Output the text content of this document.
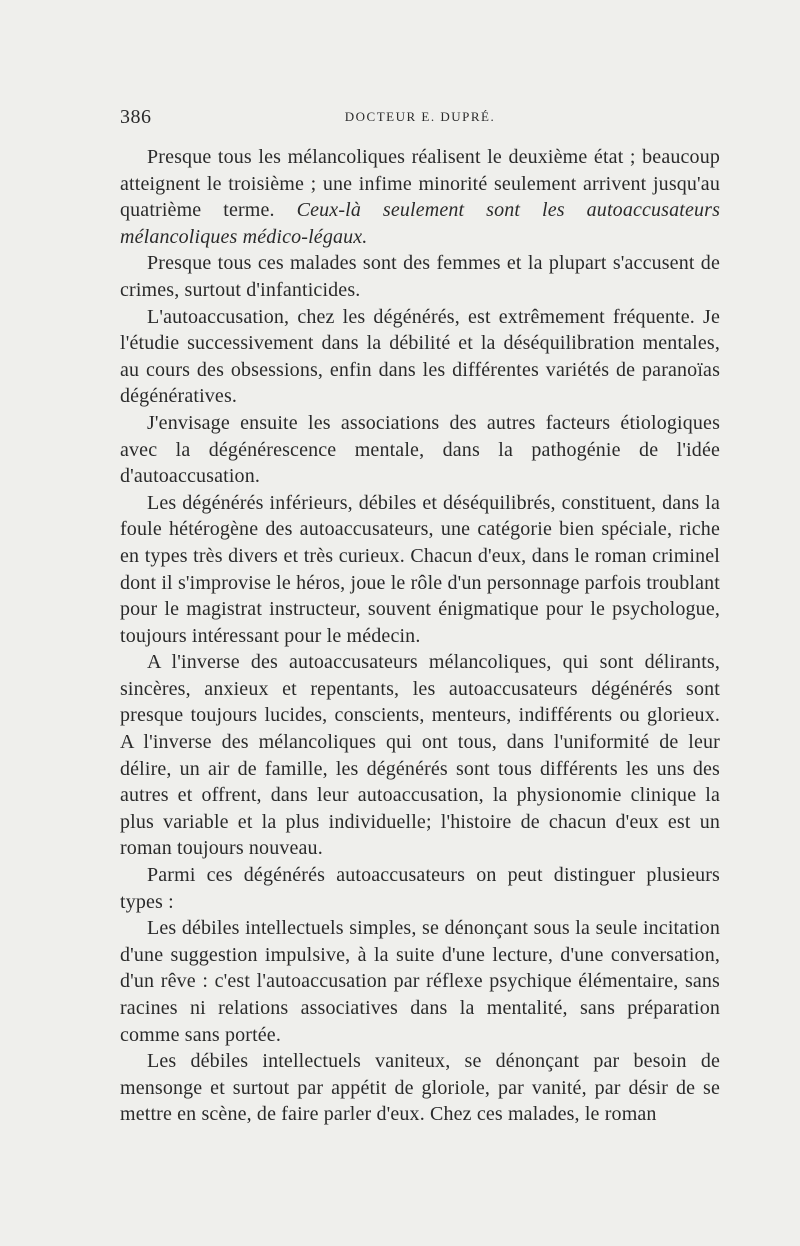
386	DOCTEUR E. DUPRÉ.

Presque tous les mélancoliques réalisent le deuxième état ; beaucoup atteignent le troisième ; une infime minorité seulement arrivent jusqu'au quatrième terme. Ceux-là seulement sont les autoaccusateurs mélancoliques médico-légaux.

Presque tous ces malades sont des femmes et la plupart s'accusent de crimes, surtout d'infanticides.

L'autoaccusation, chez les dégénérés, est extrêmement fréquente. Je l'étudie successivement dans la débilité et la déséquilibration mentales, au cours des obsessions, enfin dans les différentes variétés de paranoïas dégénératives.

J'envisage ensuite les associations des autres facteurs étiologiques avec la dégénérescence mentale, dans la pathogénie de l'idée d'autoaccusation.

Les dégénérés inférieurs, débiles et déséquilibrés, constituent, dans la foule hétérogène des autoaccusateurs, une catégorie bien spéciale, riche en types très divers et très curieux. Chacun d'eux, dans le roman criminel dont il s'improvise le héros, joue le rôle d'un personnage parfois troublant pour le magistrat instructeur, souvent énigmatique pour le psychologue, toujours intéressant pour le médecin.

A l'inverse des autoaccusateurs mélancoliques, qui sont délirants, sincères, anxieux et repentants, les autoaccusateurs dégénérés sont presque toujours lucides, conscients, menteurs, indifférents ou glorieux. A l'inverse des mélancoliques qui ont tous, dans l'uniformité de leur délire, un air de famille, les dégénérés sont tous différents les uns des autres et offrent, dans leur autoaccusation, la physionomie clinique la plus variable et la plus individuelle; l'histoire de chacun d'eux est un roman toujours nouveau.

Parmi ces dégénérés autoaccusateurs on peut distinguer plusieurs types :

Les débiles intellectuels simples, se dénonçant sous la seule incitation d'une suggestion impulsive, à la suite d'une lecture, d'une conversation, d'un rêve : c'est l'autoaccusation par réflexe psychique élémentaire, sans racines ni relations associatives dans la mentalité, sans préparation comme sans portée.

Les débiles intellectuels vaniteux, se dénonçant par besoin de mensonge et surtout par appétit de gloriole, par vanité, par désir de se mettre en scène, de faire parler d'eux. Chez ces malades, le roman
